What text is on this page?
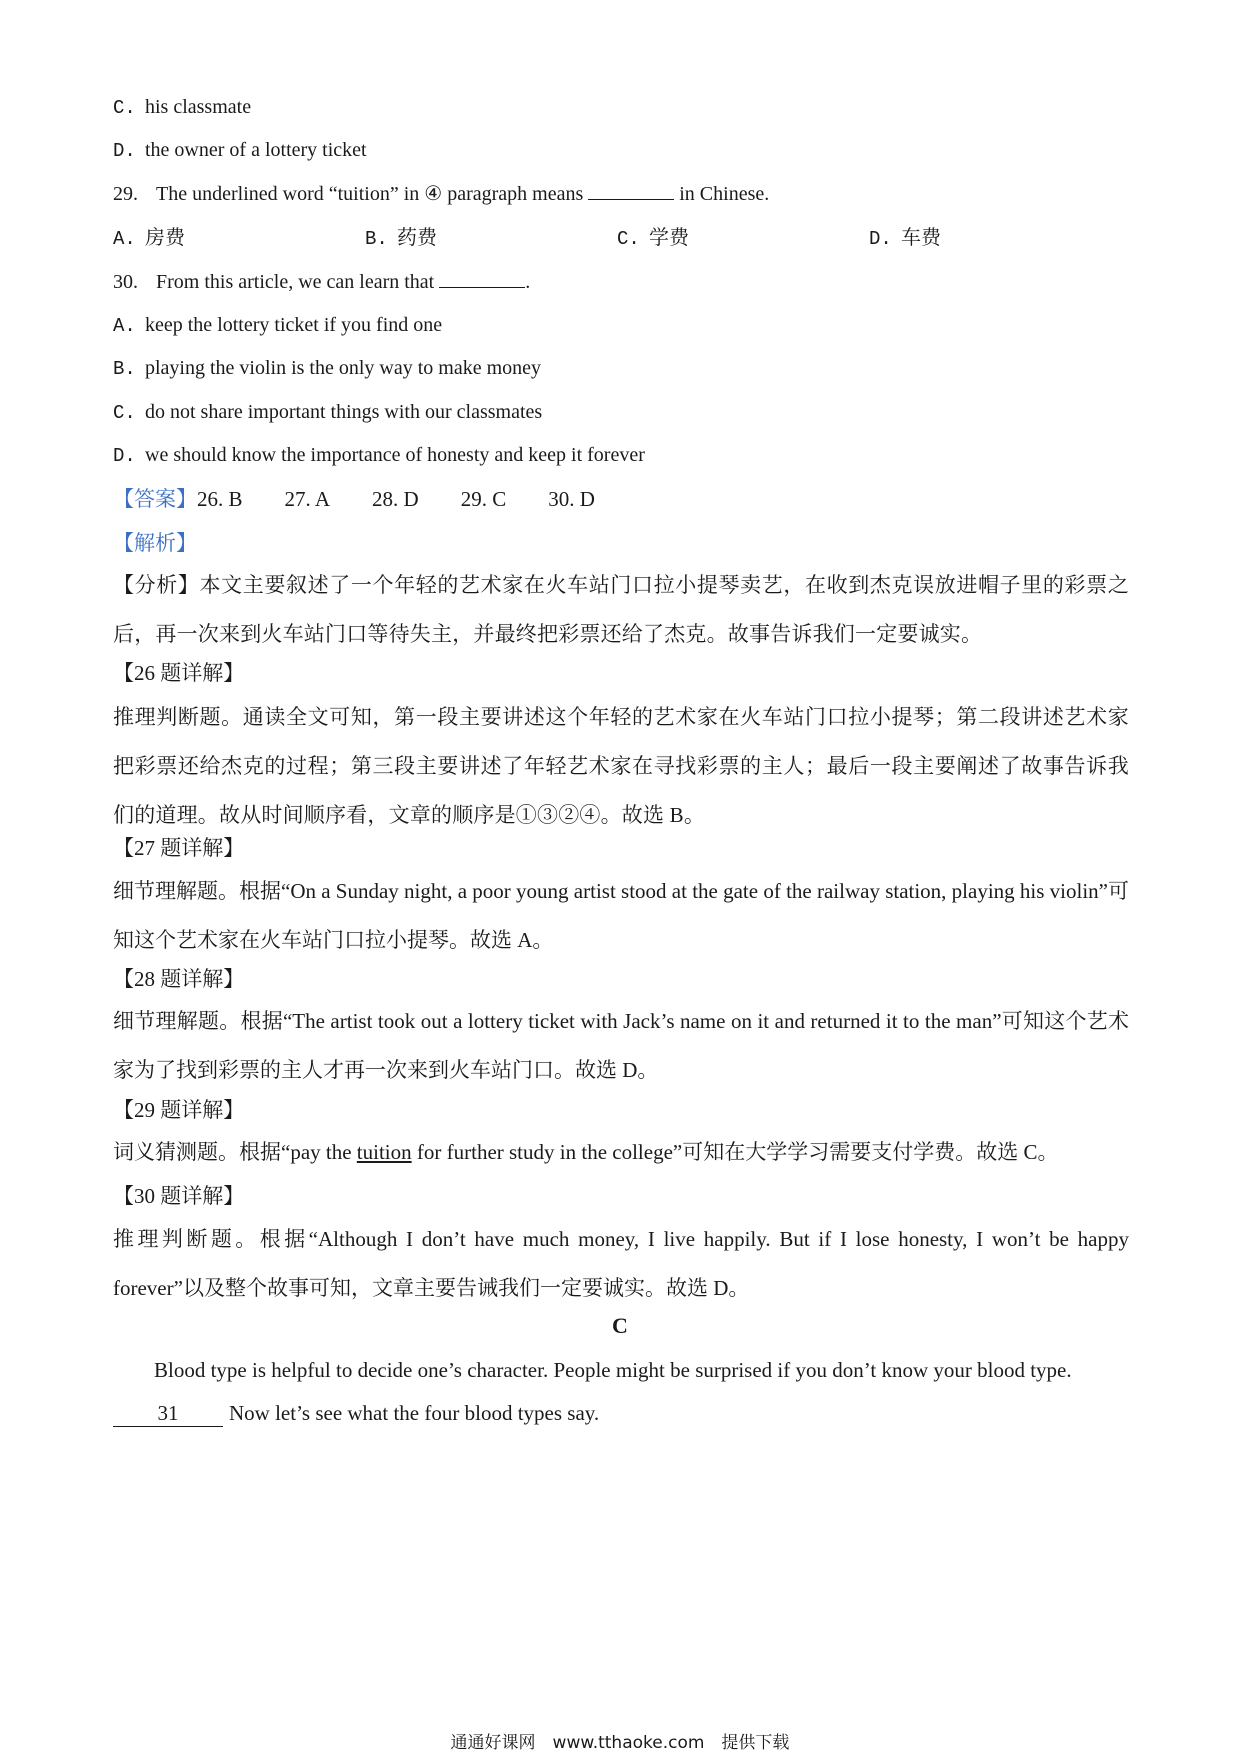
C. his classmate
D. the owner of a lottery ticket
29. The underlined word “tuition” in ④ paragraph means	in Chinese.
A. 房费	B. 药费	C. 学费	D. 车费
30. From this article, we can learn that	.
A. keep the lottery ticket if you find one
B. playing the violin is the only way to make money
C. do not share important things with our classmates
D. we should know the importance of honesty and keep it forever
【答案】26. B 27. A 28. D 29. C 30. D
【解析】
【分析】本文主要叙述了一个年轻的艺术家在火车站门口拉小提琴卖艺，在收到杰克误放进帽子里的彩票之后，再一次来到火车站门口等待失主，并最终把彩票还给了杰克。故事告诉我们一定要诚实。
【26 题详解】
推理判断题。通读全文可知，第一段主要讲述这个年轻的艺术家在火车站门口拉小提琴；第二段讲述艺术家把彩票还给杰克的过程；第三段主要讲述了年轻艺术家在寻找彩票的主人；最后一段主要阐述了故事告诉我们的道理。故从时间顺序看，文章的顺序是①③②④。故选 B。
【27 题详解】
细节理解题。根据“On a Sunday night, a poor young artist stood at the gate of the railway station, playing his violin”可知这个艺术家在火车站门口拉小提琴。故选 A。
【28 题详解】
细节理解题。根据“The artist took out a lottery ticket with Jack’s name on it and returned it to the man”可知这个艺术家为了找到彩票的主人才再一次来到火车站门口。故选 D。
【29 题详解】
词义猜测题。根据“pay the tuition for further study in the college”可知在大学学习需要支付学费。故选 C。
【30 题详解】
推理判断题。根据“Although I don’t have much money, I live happily. But if I lose honesty, I won’t be happy forever”以及整个故事可知，文章主要告诫我们一定要诚实。故选 D。
C
Blood type is helpful to decide one’s character. People might be surprised if you don’t know your blood type.
31 Now let’s see what the four blood types say.
通通好课网　www.tthaoke.com　提供下载
